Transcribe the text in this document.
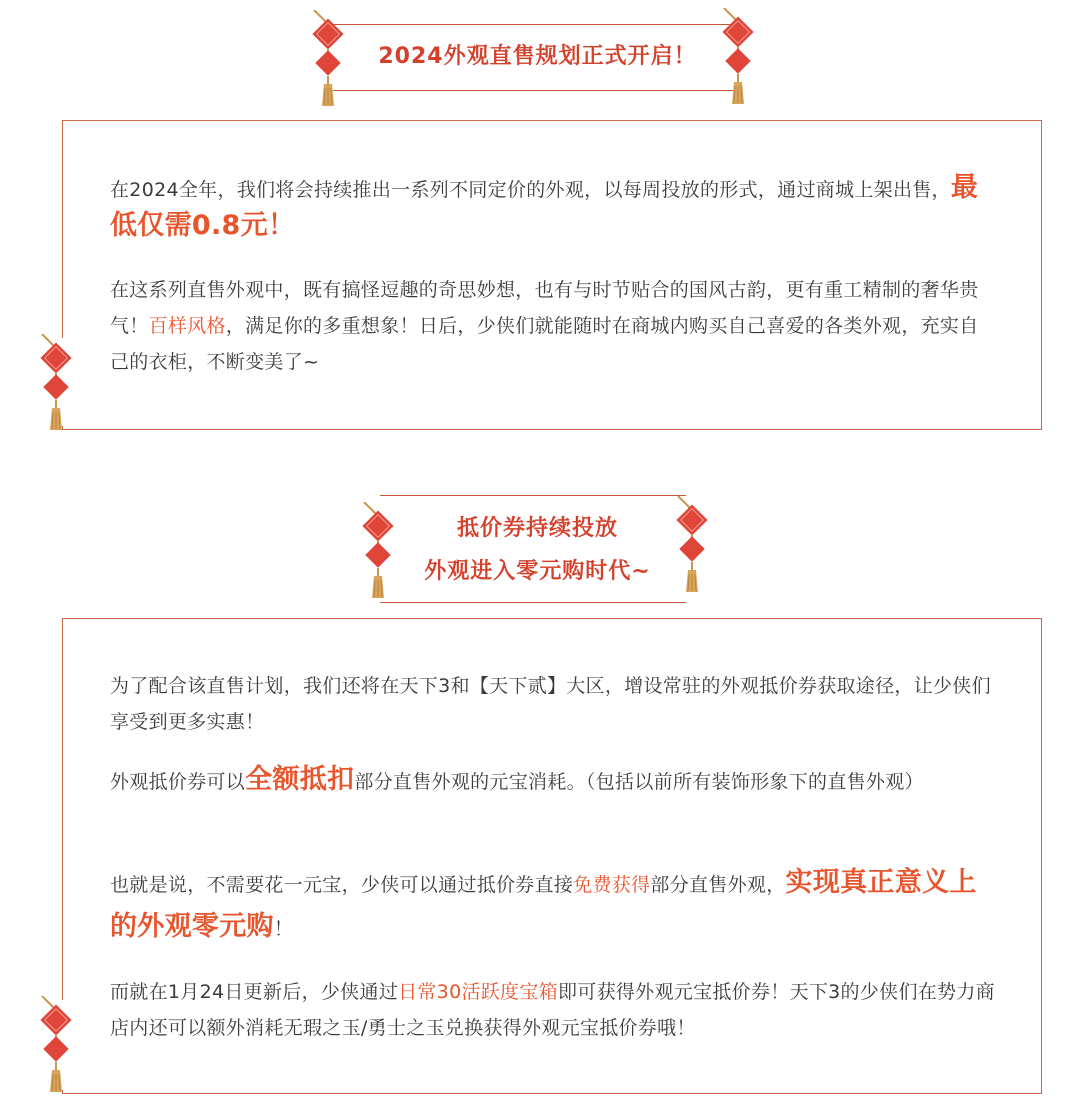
2024外观直售规划正式开启！

在2024全年，我们将会持续推出一系列不同定价的外观，以每周投放的形式，通过商城上架出售，最低仅需0.8元！

在这系列直售外观中，既有搞怪逗趣的奇思妙想，也有与时节贴合的国风古韵，更有重工精制的奢华贵气！百样风格，满足你的多重想象！日后，少侠们就能随时在商城内购买自己喜爱的各类外观，充实自己的衣柜，不断变美了~

抵价券持续投放
外观进入零元购时代~

为了配合该直售计划，我们还将在天下3和【天下贰】大区，增设常驻的外观抵价券获取途径，让少侠们享受到更多实惠！

外观抵价券可以全额抵扣部分直售外观的元宝消耗。（包括以前所有装饰形象下的直售外观）

也就是说，不需要花一元宝，少侠可以通过抵价券直接免费获得部分直售外观，实现真正意义上的外观零元购！

而就在1月24日更新后，少侠通过日常30活跃度宝箱即可获得外观元宝抵价券！天下3的少侠们在势力商店内还可以额外消耗无瑕之玉/勇士之玉兑换获得外观元宝抵价券哦！
